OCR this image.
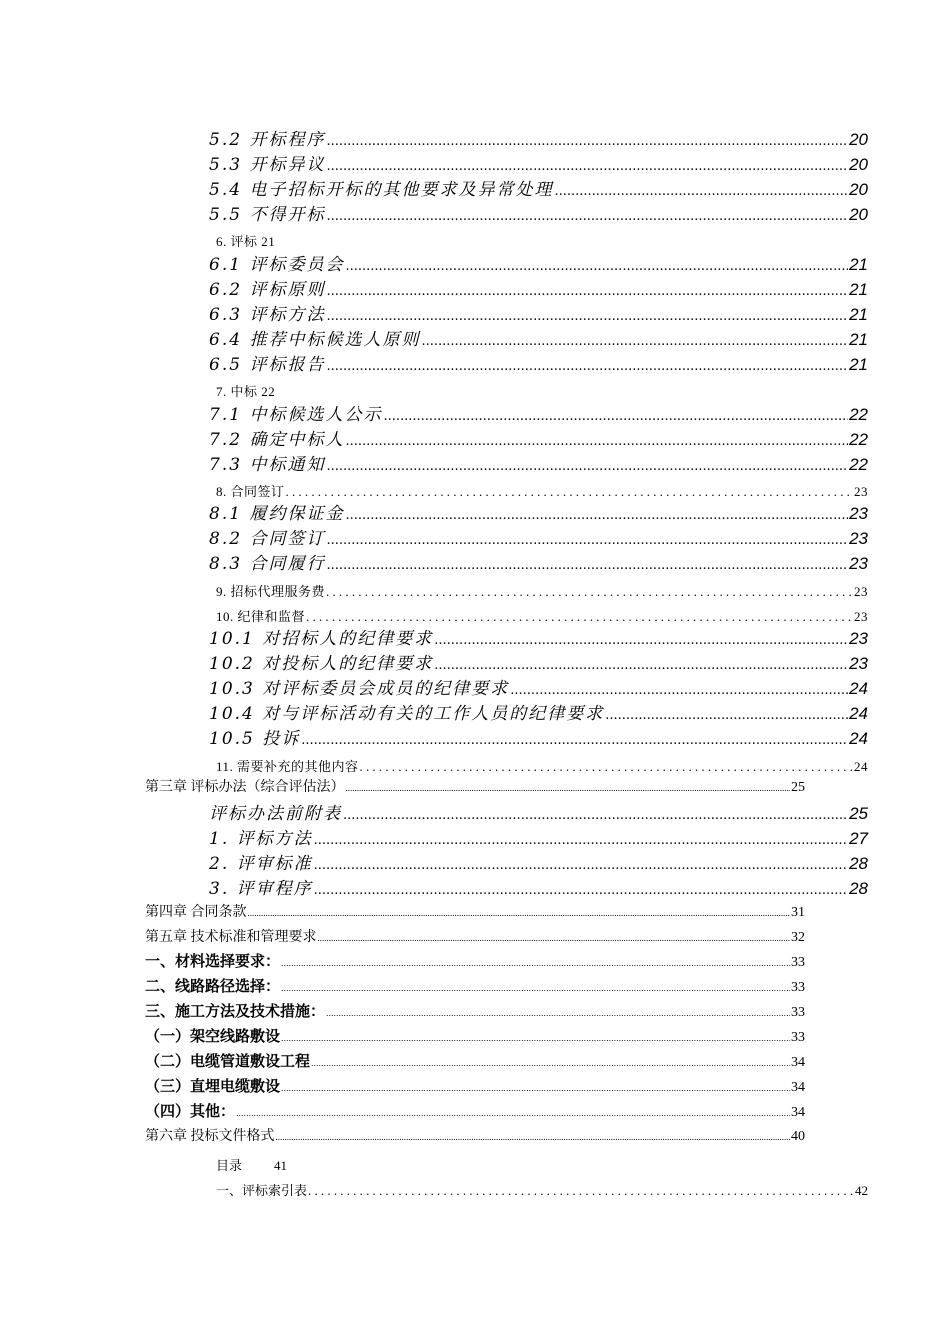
5.2 开标程序 .....	20
5.3 开标异议 .....	20
5.4 电子招标开标的其他要求及异常处理 .....	20
5.5 不得开标 .....	20
6. 评标 21
6.1 评标委员会 .....	21
6.2 评标原则 .....	21
6.3 评标方法 .....	21
6.4 推荐中标候选人原则 .....	21
6.5 评标报告 .....	21
7. 中标 22
7.1 中标候选人公示 .....	22
7.2 确定中标人 .....	22
7.3 中标通知 .....	22
8. 合同签订 .....	23
8.1 履约保证金 .....	23
8.2 合同签订 .....	23
8.3 合同履行 .....	23
9. 招标代理服务费 .....	23
10. 纪律和监督 .....	23
10.1 对招标人的纪律要求 .....	23
10.2 对投标人的纪律要求 .....	23
10.3 对评标委员会成员的纪律要求 .....	24
10.4 对与评标活动有关的工作人员的纪律要求 .....	24
10.5 投诉 .....	24
11. 需要补充的其他内容 .....	24
第三章 评标办法（综合评估法） .....	25
评标办法前附表 .....	25
1. 评标方法 .....	27
2. 评审标准 .....	28
3. 评审程序 .....	28
第四章 合同条款 .....	31
第五章 技术标准和管理要求 .....	32
一、材料选择要求： .....	33
二、线路路径选择： .....	33
三、施工方法及技术措施： .....	33
（一）架空线路敷设 .....	33
（二）电缆管道敷设工程 .....	34
（三）直埋电缆敷设 .....	34
（四）其他： .....	34
第六章 投标文件格式 .....	40
目录 41
一、评标索引表 .....	42
